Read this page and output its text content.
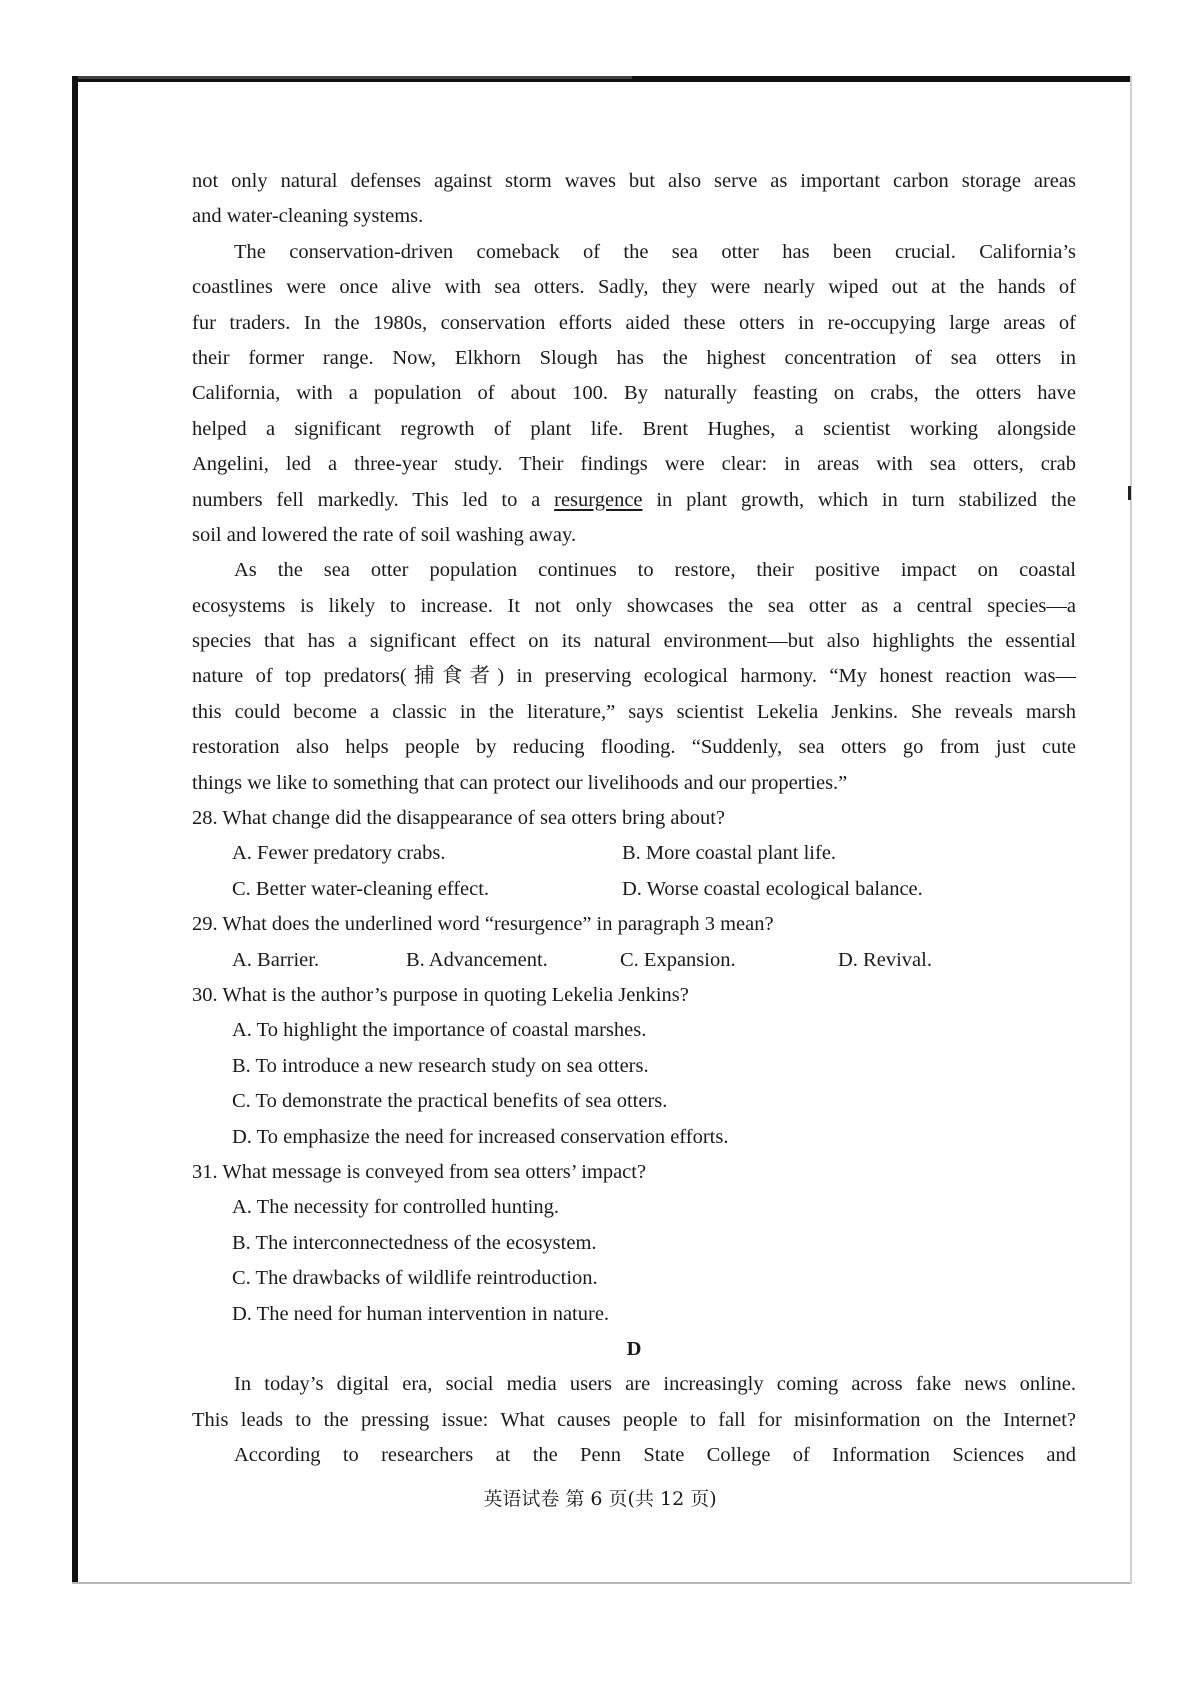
not only natural defenses against storm waves but also serve as important carbon storage areas
and water-cleaning systems.
The conservation-driven comeback of the sea otter has been crucial. California’s
coastlines were once alive with sea otters. Sadly, they were nearly wiped out at the hands of
fur traders. In the 1980s, conservation efforts aided these otters in re-occupying large areas of
their former range. Now, Elkhorn Slough has the highest concentration of sea otters in
California, with a population of about 100. By naturally feasting on crabs, the otters have
helped a significant regrowth of plant life. Brent Hughes, a scientist working alongside
Angelini, led a three-year study. Their findings were clear: in areas with sea otters, crab
numbers fell markedly. This led to a resurgence in plant growth, which in turn stabilized the
soil and lowered the rate of soil washing away.
As the sea otter population continues to restore, their positive impact on coastal
ecosystems is likely to increase. It not only showcases the sea otter as a central species—a
species that has a significant effect on its natural environment—but also highlights the essential
nature of top predators(捕食者) in preserving ecological harmony. “My honest reaction was—
this could become a classic in the literature,” says scientist Lekelia Jenkins. She reveals marsh
restoration also helps people by reducing flooding. “Suddenly, sea otters go from just cute
things we like to something that can protect our livelihoods and our properties.”
28. What change did the disappearance of sea otters bring about?
A. Fewer predatory crabs.	B. More coastal plant life.
C. Better water-cleaning effect.	D. Worse coastal ecological balance.
29. What does the underlined word “resurgence” in paragraph 3 mean?
A. Barrier.	B. Advancement.	C. Expansion.	D. Revival.
30. What is the author’s purpose in quoting Lekelia Jenkins?
A. To highlight the importance of coastal marshes.
B. To introduce a new research study on sea otters.
C. To demonstrate the practical benefits of sea otters.
D. To emphasize the need for increased conservation efforts.
31. What message is conveyed from sea otters’ impact?
A. The necessity for controlled hunting.
B. The interconnectedness of the ecosystem.
C. The drawbacks of wildlife reintroduction.
D. The need for human intervention in nature.
D
In today’s digital era, social media users are increasingly coming across fake news online.
This leads to the pressing issue: What causes people to fall for misinformation on the Internet?
According to researchers at the Penn State College of Information Sciences and
英语试卷 第 6 页(共 12 页)
